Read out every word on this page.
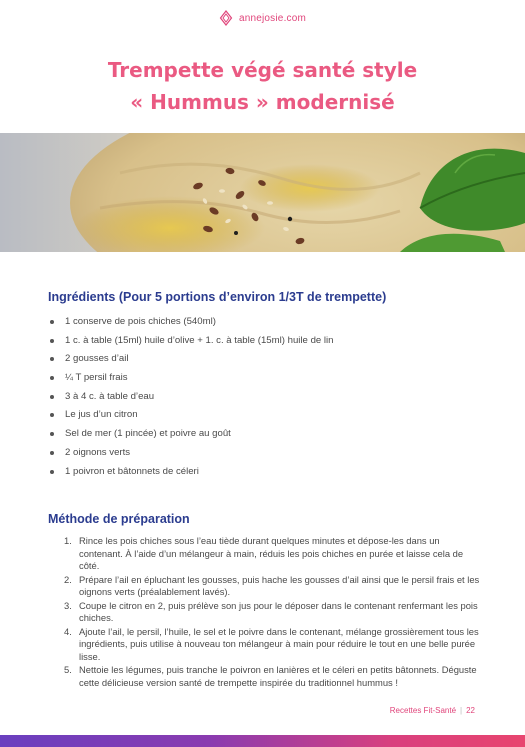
annejosie.com
Trempette végé santé style
« Hummus » modernisé
Ingrédients (Pour 5 portions d’environ 1/3T de trempette)
1 conserve de pois chiches (540ml)
1 c. à table (15ml) huile d’olive + 1. c. à table (15ml) huile de lin
2 gousses d’ail
¼ T persil frais
3 à 4 c. à table d’eau
Le jus d’un citron
Sel de mer (1 pincée) et poivre au goût
2 oignons verts
1 poivron et bâtonnets de céleri
Méthode de préparation
1. Rince les pois chiches sous l’eau tiède durant quelques minutes et dépose-les dans un contenant. À l’aide d’un mélangeur à main, réduis les pois chiches en purée et laisse cela de côté.
2. Prépare l’ail en épluchant les gousses, puis hache les gousses d’ail ainsi que le persil frais et les oignons verts (préalablement lavés).
3. Coupe le citron en 2, puis prélève son jus pour le déposer dans le contenant renfermant les pois chiches.
4. Ajoute l’ail, le persil, l’huile, le sel et le poivre dans le contenant, mélange grossièrement tous les ingrédients, puis utilise à nouveau ton mélangeur à main pour réduire le tout en une belle purée lisse.
5. Nettoie les légumes, puis tranche le poivron en lanières et le céleri en petits bâtonnets. Déguste cette délicieuse version santé de trempette inspirée du traditionnel hummus !
Recettes Fit-Santé | 22
